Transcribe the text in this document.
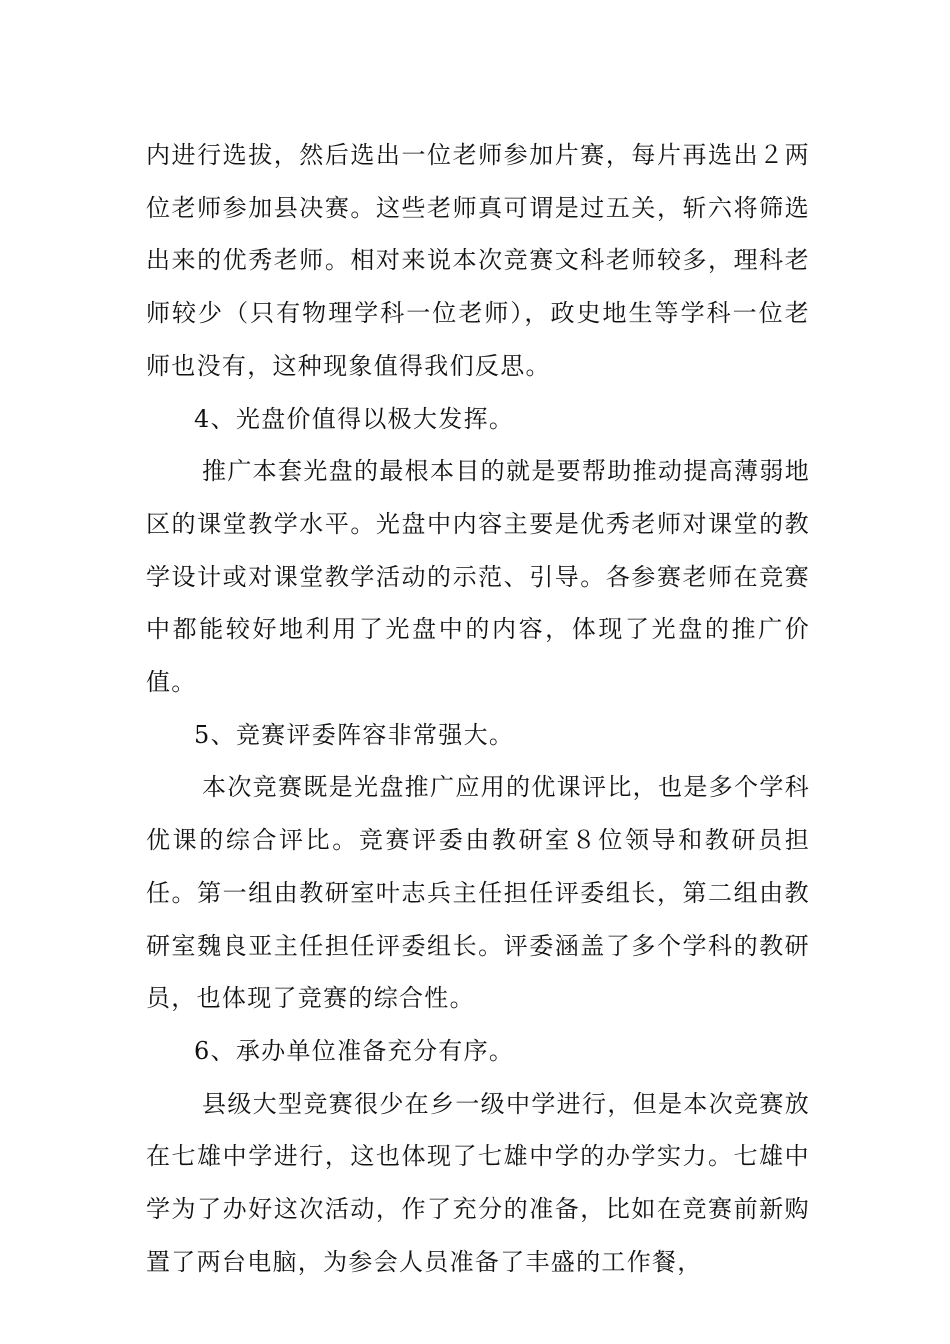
内进行选拔，然后选出一位老师参加片赛，每片再选出２两位老师参加县决赛。这些老师真可谓是过五关，斩六将筛选出来的优秀老师。相对来说本次竞赛文科老师较多，理科老师较少（只有物理学科一位老师），政史地生等学科一位老师也没有，这种现象值得我们反思。

4、光盘价值得以极大发挥。

推广本套光盘的最根本目的就是要帮助推动提高薄弱地区的课堂教学水平。光盘中内容主要是优秀老师对课堂的教学设计或对课堂教学活动的示范、引导。各参赛老师在竞赛中都能较好地利用了光盘中的内容，体现了光盘的推广价值。

5、竞赛评委阵容非常强大。

本次竞赛既是光盘推广应用的优课评比，也是多个学科优课的综合评比。竞赛评委由教研室８位领导和教研员担任。第一组由教研室叶志兵主任担任评委组长，第二组由教研室魏良亚主任担任评委组长。评委涵盖了多个学科的教研员，也体现了竞赛的综合性。

6、承办单位准备充分有序。

县级大型竞赛很少在乡一级中学进行，但是本次竞赛放在七雄中学进行，这也体现了七雄中学的办学实力。七雄中学为了办好这次活动，作了充分的准备，比如在竞赛前新购置了两台电脑，为参会人员准备了丰盛的工作餐，
